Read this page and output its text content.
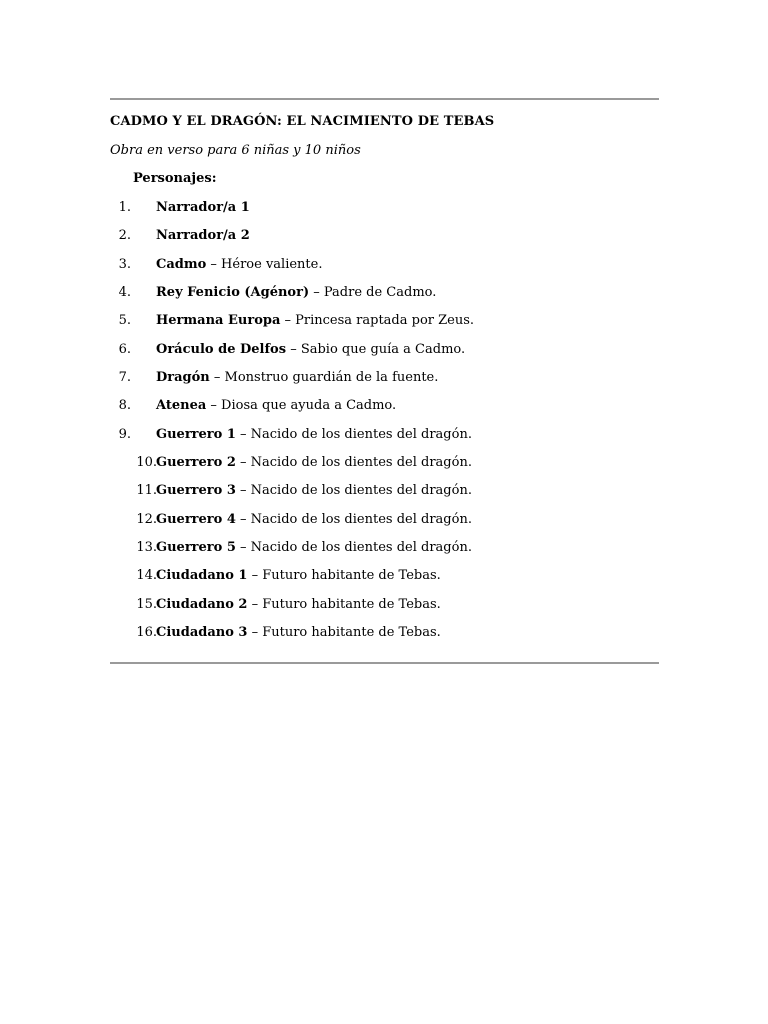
CADMO Y EL DRAGÓN: EL NACIMIENTO DE TEBAS
Obra en verso para 6 niñas y 10 niños
Personajes:
1. Narrador/a 1
2. Narrador/a 2
3. Cadmo – Héroe valiente.
4. Rey Fenicio (Agénor) – Padre de Cadmo.
5. Hermana Europa – Princesa raptada por Zeus.
6. Oráculo de Delfos – Sabio que guía a Cadmo.
7. Dragón – Monstruo guardián de la fuente.
8. Atenea – Diosa que ayuda a Cadmo.
9. Guerrero 1 – Nacido de los dientes del dragón.
10. Guerrero 2 – Nacido de los dientes del dragón.
11. Guerrero 3 – Nacido de los dientes del dragón.
12. Guerrero 4 – Nacido de los dientes del dragón.
13. Guerrero 5 – Nacido de los dientes del dragón.
14. Ciudadano 1 – Futuro habitante de Tebas.
15. Ciudadano 2 – Futuro habitante de Tebas.
16. Ciudadano 3 – Futuro habitante de Tebas.
